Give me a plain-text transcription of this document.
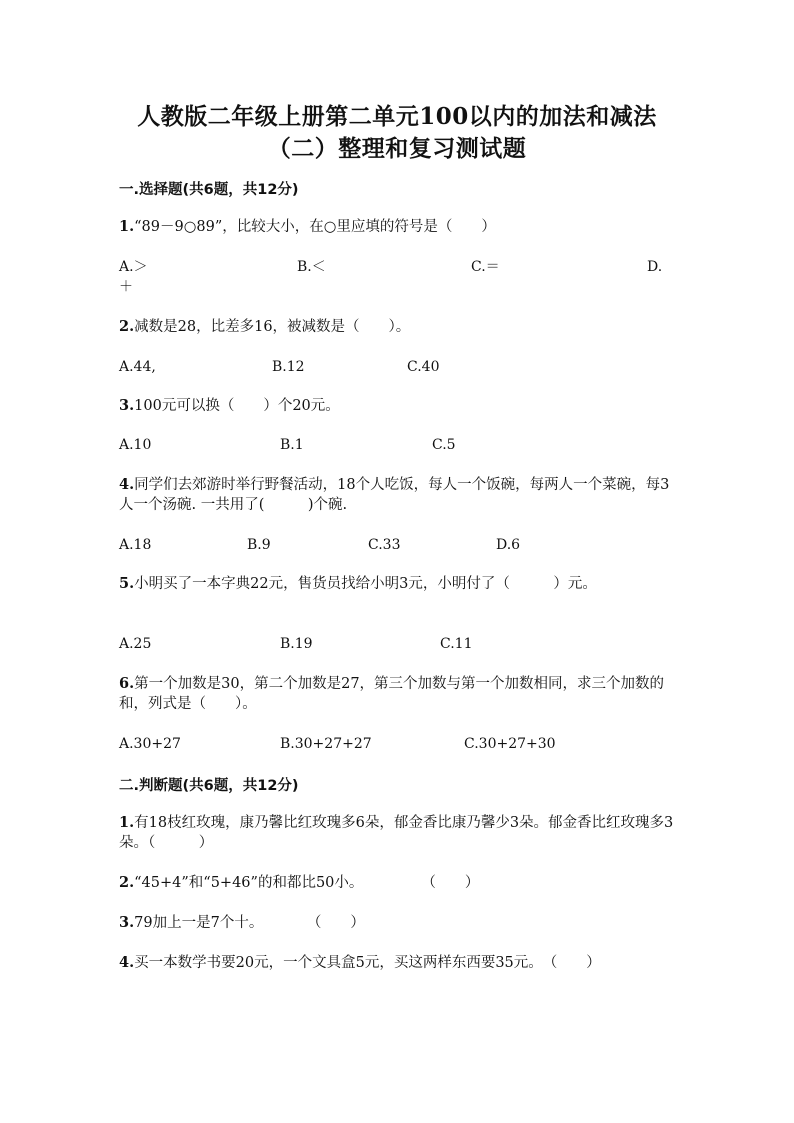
人教版二年级上册第二单元100以内的加法和减法
（二）整理和复习测试题
一.选择题(共6题，共12分)
1.“89－9○89”，比较大小，在○里应填的符号是（　　）
A.＞	B.＜	C.＝	D.
＋
2.减数是28，比差多16，被减数是（　　）。
A.44,	B.12	C.40
3.100元可以换（　　）个20元。
A.10	B.1	C.5
4.同学们去郊游时举行野餐活动，18个人吃饭，每人一个饭碗，每两人一个菜碗，每3人一个汤碗. 一共用了(　　　)个碗.
A.18	B.9	C.33	D.6
5.小明买了一本字典22元，售货员找给小明3元，小明付了（　　　）元。
A.25	B.19	C.11
6.第一个加数是30，第二个加数是27，第三个加数与第一个加数相同，求三个加数的和，列式是（　　）。
A.30+27	B.30+27+27	C.30+27+30
二.判断题(共6题，共12分)
1.有18枝红玫瑰，康乃馨比红玫瑰多6朵，郁金香比康乃馨少3朵。郁金香比红玫瑰多3朵。（　　　）
2.“45+4”和“5+46”的和都比50小。　　　　　（　　）
3.79加上一是7个十。　　　　（　　）
4.买一本数学书要20元，一个文具盒5元，买这两样东西要35元。　（　　）
